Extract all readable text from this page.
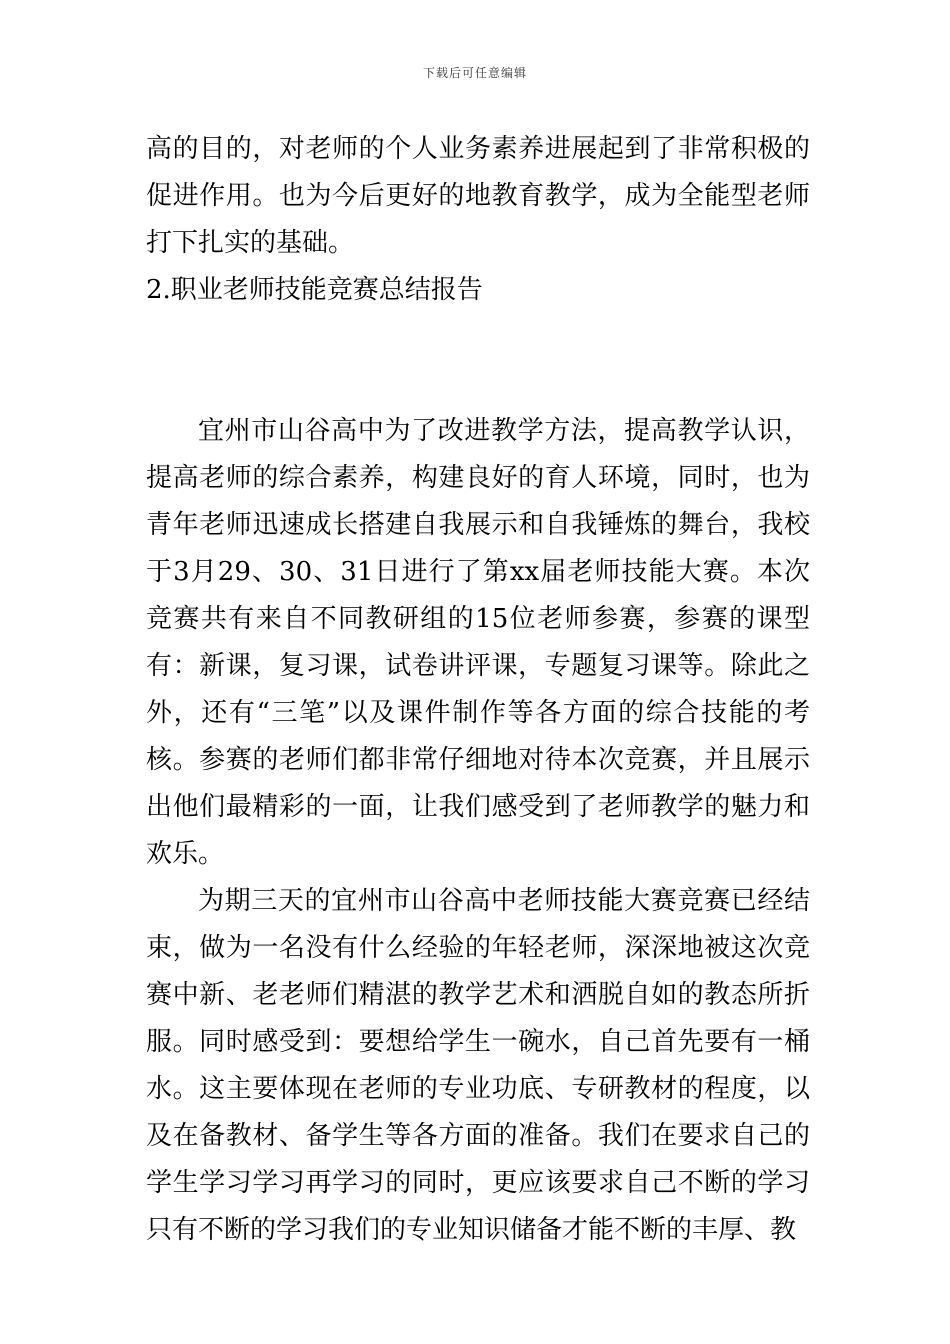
下载后可任意编辑

高的目的，对老师的个人业务素养进展起到了非常积极的促进作用。也为今后更好的地教育教学，成为全能型老师打下扎实的基础。

2.职业老师技能竞赛总结报告

宜州市山谷高中为了改进教学方法，提高教学认识，提高老师的综合素养，构建良好的育人环境，同时，也为青年老师迅速成长搭建自我展示和自我锤炼的舞台，我校于3月29、30、31日进行了第xx届老师技能大赛。本次竞赛共有来自不同教研组的15位老师参赛，参赛的课型有：新课，复习课，试卷讲评课，专题复习课等。除此之外，还有“三笔”以及课件制作等各方面的综合技能的考核。参赛的老师们都非常仔细地对待本次竞赛，并且展示出他们最精彩的一面，让我们感受到了老师教学的魅力和欢乐。

为期三天的宜州市山谷高中老师技能大赛竞赛已经结束，做为一名没有什么经验的年轻老师，深深地被这次竞赛中新、老老师们精湛的教学艺术和洒脱自如的教态所折服。同时感受到：要想给学生一碗水，自己首先要有一桶水。这主要体现在老师的专业功底、专研教材的程度，以及在备教材、备学生等各方面的准备。我们在要求自己的学生学习学习再学习的同时，更应该要求自己不断的学习只有不断的学习我们的专业知识储备才能不断的丰厚、教
